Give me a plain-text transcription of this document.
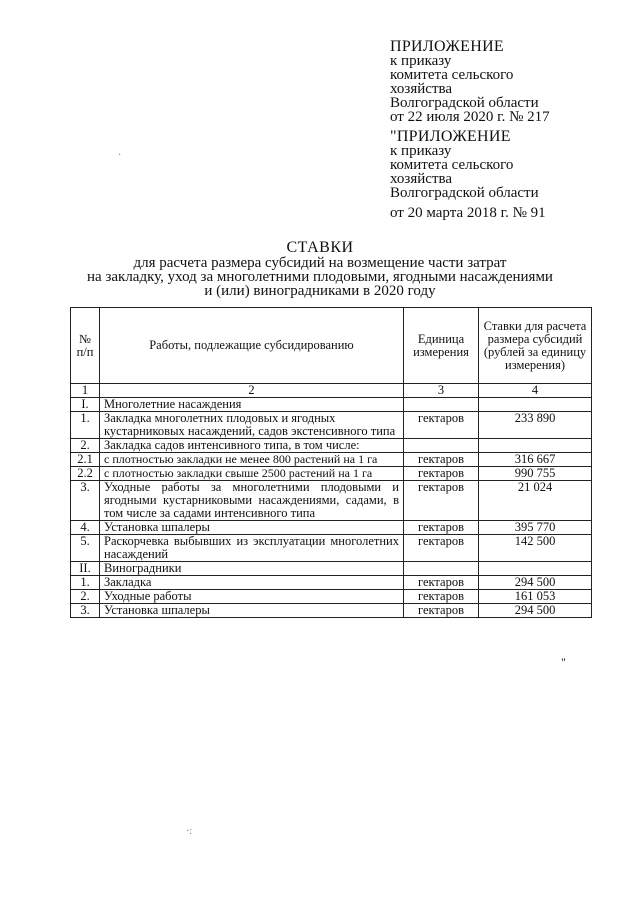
ПРИЛОЖЕНИЕ
к приказу
комитета сельского
хозяйства
Волгоградской области
от 22 июля 2020 г. № 217
"ПРИЛОЖЕНИЕ
к приказу
комитета сельского
хозяйства
Волгоградской области
от 20 марта 2018 г. № 91
СТАВКИ
для расчета размера субсидий на возмещение части затрат
на закладку, уход за многолетними плодовыми, ягодными насаждениями
и (или) виноградниками в 2020 году
№ п/п	Работы, подлежащие субсидированию	Единица измерения	Ставки для расчета размера субсидий (рублей за единицу измерения)
1	2	3	4
I.	Многолетние насаждения		
1.	Закладка многолетних плодовых и ягодных кустарниковых насаждений, садов экстенсивного типа	гектаров	233 890
2.	Закладка садов интенсивного типа, в том числе:		
2.1	с плотностью закладки не менее 800 растений на 1 га	гектаров	316 667
2.2	с плотностью закладки свыше 2500 растений на 1 га	гектаров	990 755
3.	Уходные работы за многолетними плодовыми и ягодными кустарниковыми насаждениями, садами, в том числе за садами интенсивного типа	гектаров	21 024
4.	Установка шпалеры	гектаров	395 770
5.	Раскорчевка выбывших из эксплуатации многолетних насаждений	гектаров	142 500
II.	Виноградники		
1.	Закладка	гектаров	294 500
2.	Уходные работы	гектаров	161 053
3.	Установка шпалеры	гектаров	294 500
"
·
·:
